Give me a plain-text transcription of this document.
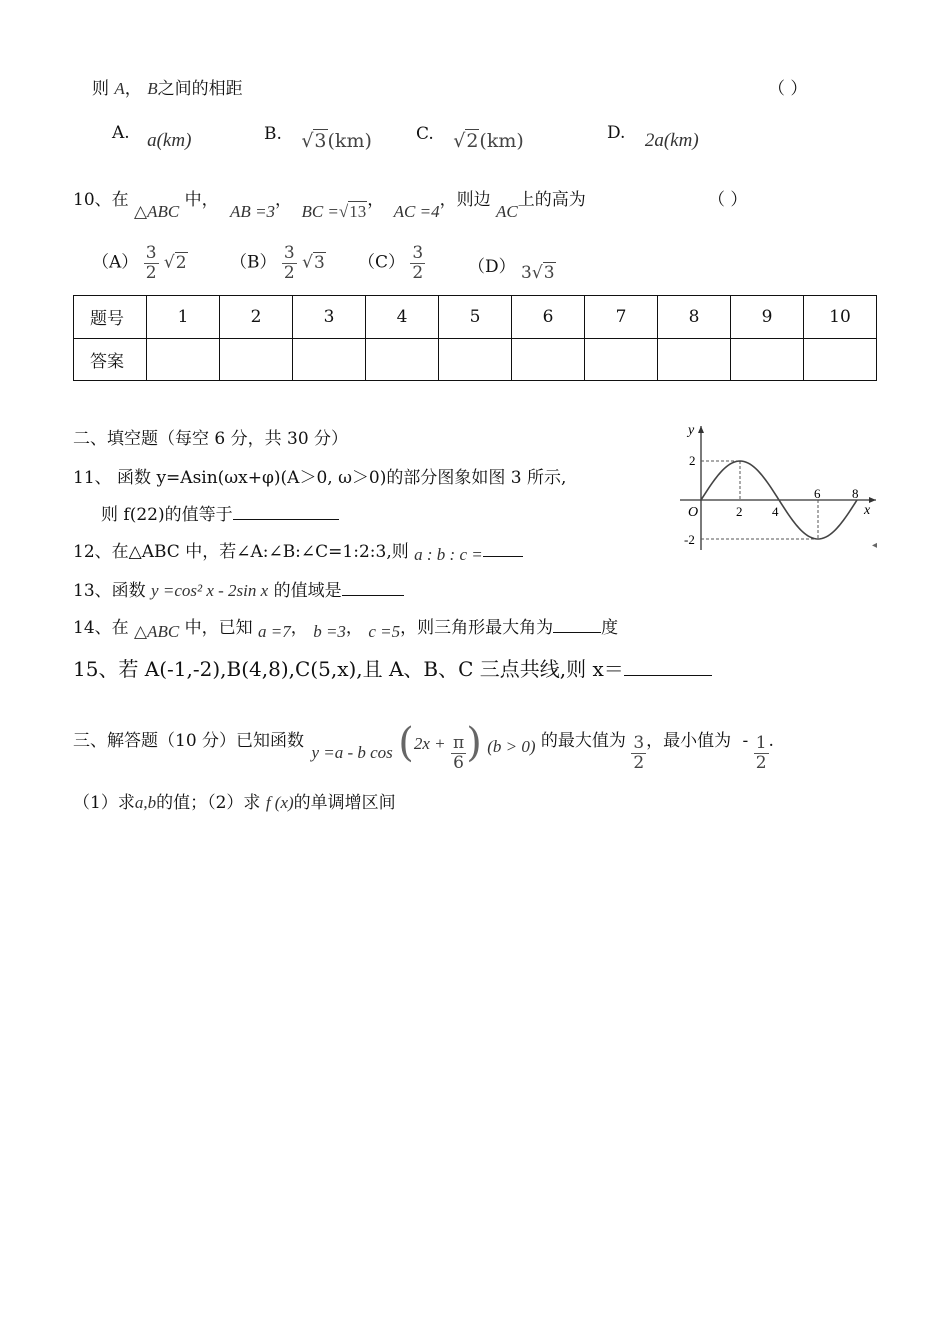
则 A， B之间的相距	（ ）
A. a(km)	B. √3(km)	C. √2(km)	D. 2a(km)
10、在 △ABC 中， AB =3， BC =√13， AC =4，则边 AC上的高为	（ ）
$(A) \frac{3}{2} √2$	$(B) \frac{3}{2} √3$ $(C) \frac{3}{2}$	（D） 3√3
题号	1	2	3	4	5	6	7	8	9	10
答案										
二、填空题（每空 6 分，共 30 分）
11、 函数 y=Asin(ωx+φ)(A＞0, ω＞0)的部分图象如图 3 所示,
则 f(22)的值等于
12、在△ABC 中，若∠A:∠B:∠C=1:2:3,则 a : b : c =
13、函数 y =cos² x - 2sin x 的值域是
14、在 △ABC 中，已知 a =7， b =3， c =5，则三角形最大角为	度
15、若 A(-1,-2),B(4,8),C(5,x),且 A、B、C 三点共线,则 x＝
三、解答题（10 分）已知函数 y =a - b $\cos (2x + \frac{\pi}{6}$ ) (b > 0) 的最大值为 $\frac{3}{2}$ ，最小值为 - $\frac{1}{2}$ .
（1）求a,b的值；（2）求 f (x)的单调增区间
y
x
O
2
-2
2 4
6 8
◂
